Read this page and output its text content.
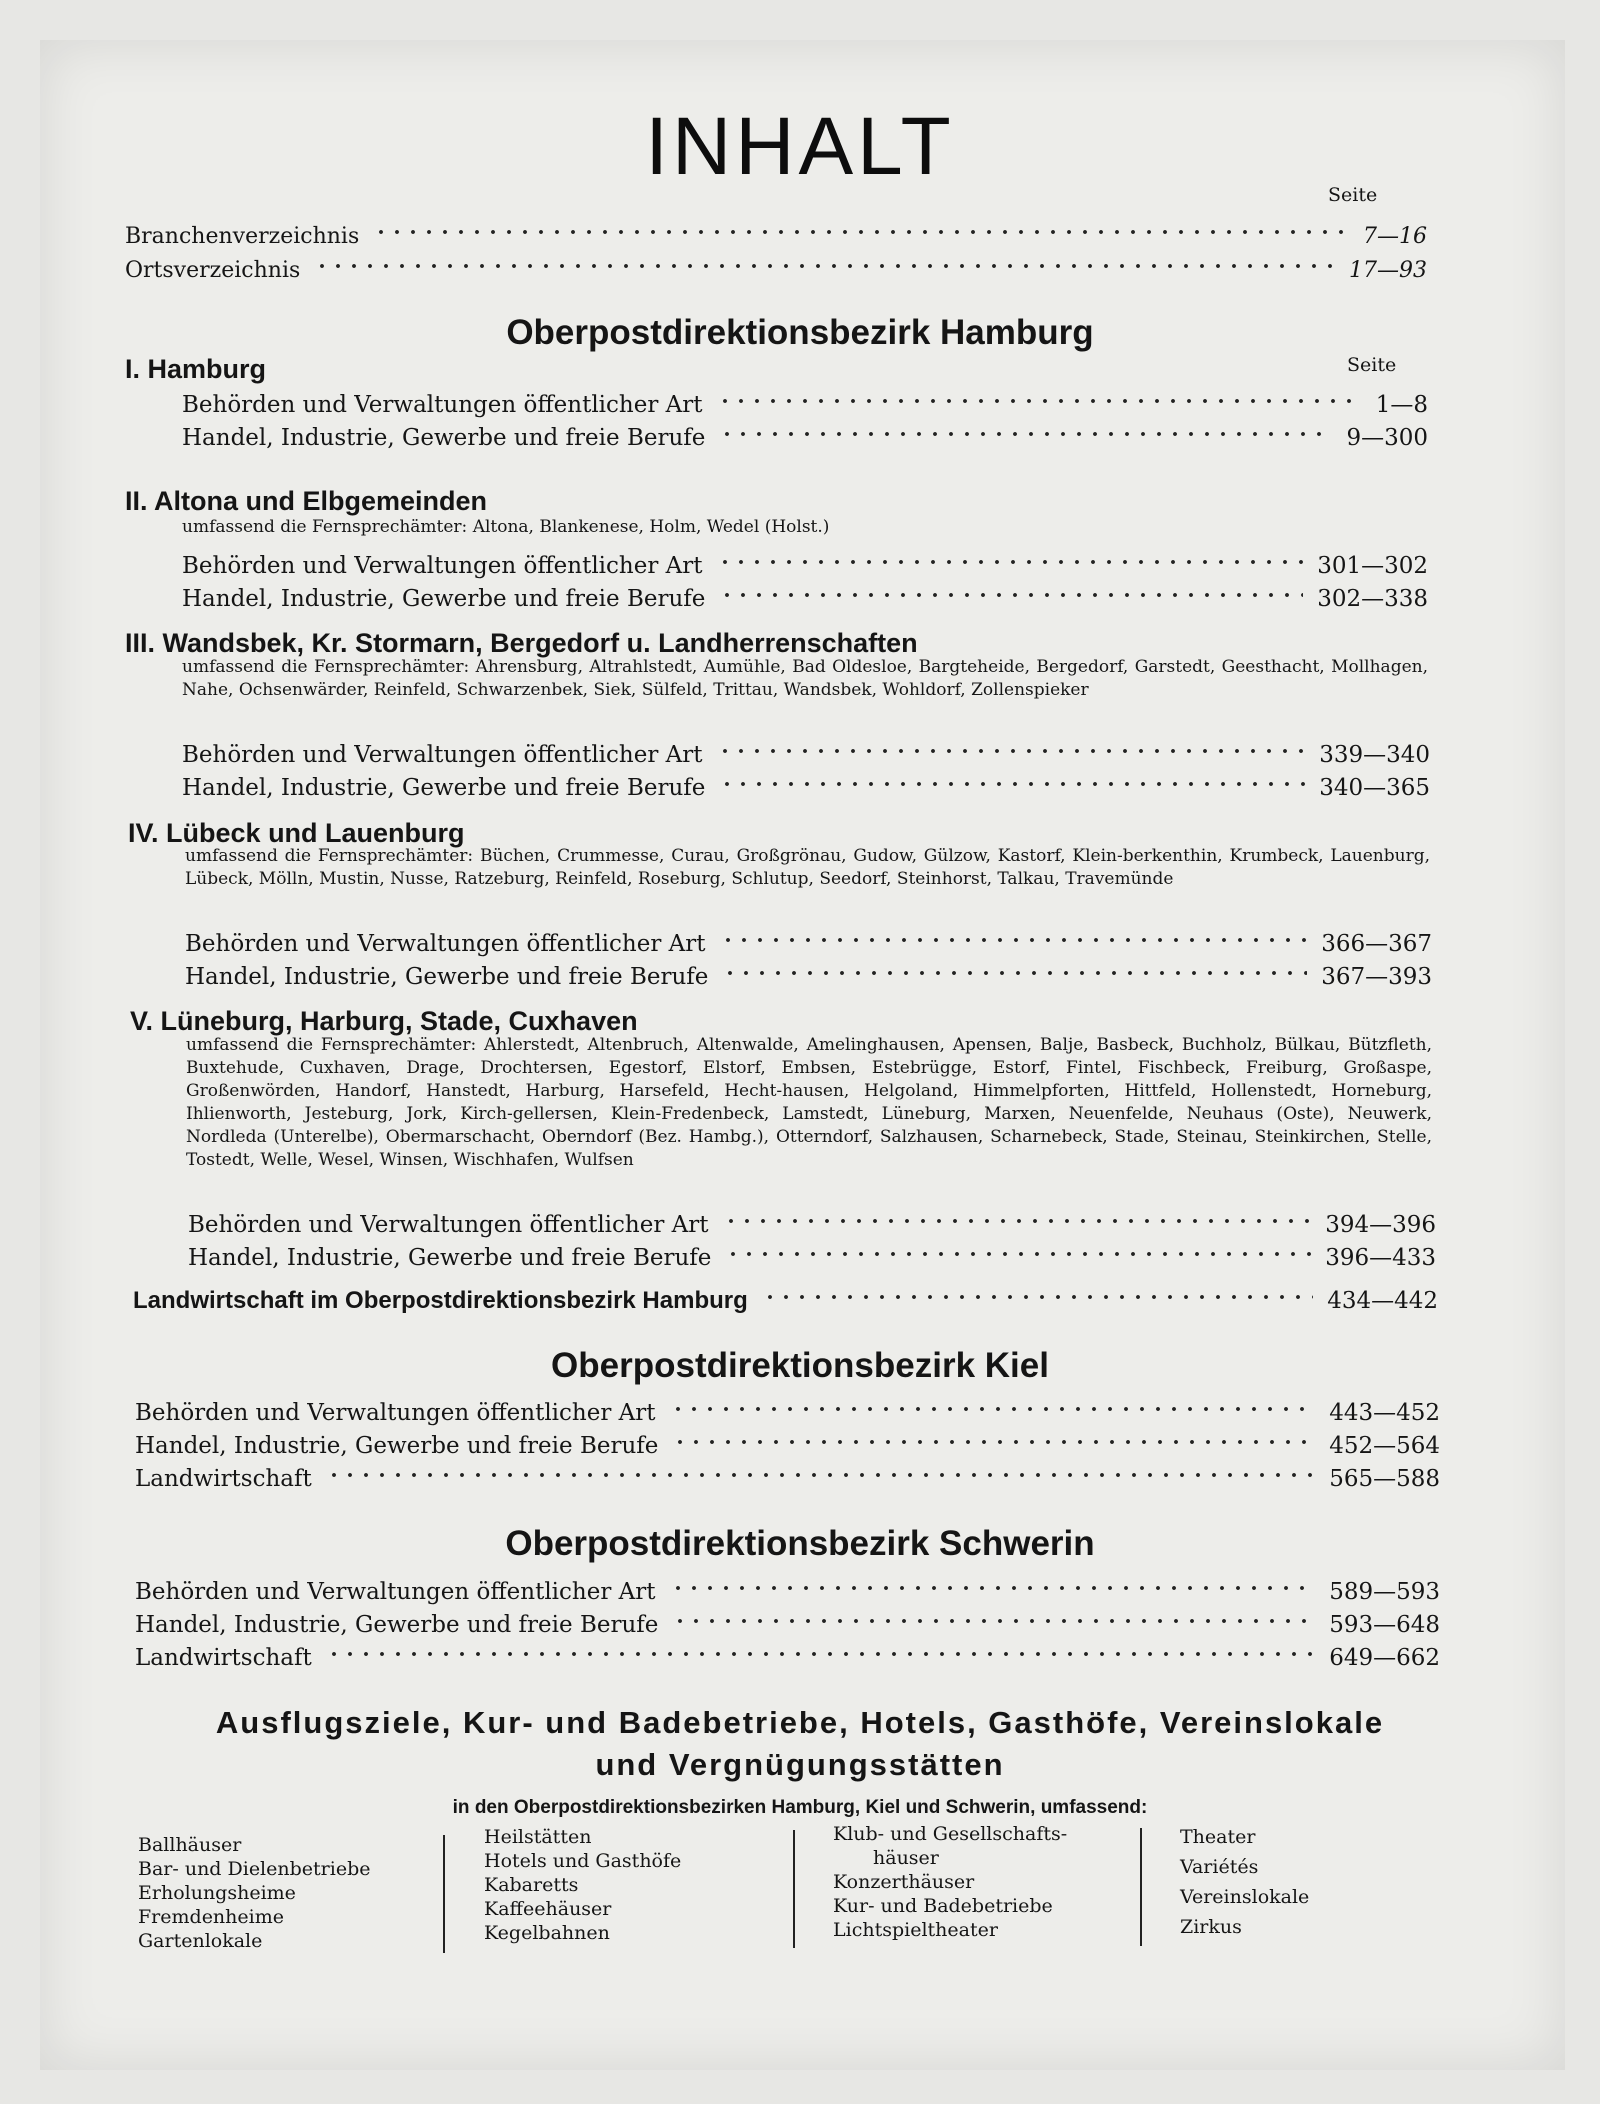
INHALT
Seite
Branchenverzeichnis	7—16
Ortsverzeichnis	17—93
Oberpostdirektionsbezirk Hamburg
Seite
I. Hamburg
Behörden und Verwaltungen öffentlicher Art	1—8
Handel, Industrie, Gewerbe und freie Berufe	9—300
II. Altona und Elbgemeinden
umfassend die Fernsprechämter: Altona, Blankenese, Holm, Wedel (Holst.)
Behörden und Verwaltungen öffentlicher Art	301—302
Handel, Industrie, Gewerbe und freie Berufe	302—338
III. Wandsbek, Kr. Stormarn, Bergedorf u. Landherrenschaften
umfassend die Fernsprechämter: Ahrensburg, Altrahlstedt, Aumühle, Bad Oldesloe, Bargteheide, Bergedorf, Garstedt, Geesthacht, Mollhagen, Nahe, Ochsenwärder, Reinfeld, Schwarzenbek, Siek, Sülfeld, Trittau, Wandsbek, Wohldorf, Zollenspieker
Behörden und Verwaltungen öffentlicher Art	339—340
Handel, Industrie, Gewerbe und freie Berufe	340—365
IV. Lübeck und Lauenburg
umfassend die Fernsprechämter: Büchen, Crummesse, Curau, Großgrönau, Gudow, Gülzow, Kastorf, Klein-berkenthin, Krumbeck, Lauenburg, Lübeck, Mölln, Mustin, Nusse, Ratzeburg, Reinfeld, Roseburg, Schlutup, Seedorf, Steinhorst, Talkau, Travemünde
Behörden und Verwaltungen öffentlicher Art	366—367
Handel, Industrie, Gewerbe und freie Berufe	367—393
V. Lüneburg, Harburg, Stade, Cuxhaven
umfassend die Fernsprechämter: Ahlerstedt, Altenbruch, Altenwalde, Amelinghausen, Apensen, Balje, Basbeck, Buchholz, Bülkau, Bützfleth, Buxtehude, Cuxhaven, Drage, Drochtersen, Egestorf, Elstorf, Embsen, Estebrügge, Estorf, Fintel, Fischbeck, Freiburg, Großaspe, Großenwörden, Handorf, Hanstedt, Harburg, Harsefeld, Hecht-hausen, Helgoland, Himmelpforten, Hittfeld, Hollenstedt, Horneburg, Ihlienworth, Jesteburg, Jork, Kirch-gellersen, Klein-Fredenbeck, Lamstedt, Lüneburg, Marxen, Neuenfelde, Neuhaus (Oste), Neuwerk, Nordleda (Unterelbe), Obermarschacht, Oberndorf (Bez. Hambg.), Otterndorf, Salzhausen, Scharnebeck, Stade, Steinau, Steinkirchen, Stelle, Tostedt, Welle, Wesel, Winsen, Wischhafen, Wulfsen
Behörden und Verwaltungen öffentlicher Art	394—396
Handel, Industrie, Gewerbe und freie Berufe	396—433
Landwirtschaft im Oberpostdirektionsbezirk Hamburg	434—442
Oberpostdirektionsbezirk Kiel
Behörden und Verwaltungen öffentlicher Art	443—452
Handel, Industrie, Gewerbe und freie Berufe	452—564
Landwirtschaft	565—588
Oberpostdirektionsbezirk Schwerin
Behörden und Verwaltungen öffentlicher Art	589—593
Handel, Industrie, Gewerbe und freie Berufe	593—648
Landwirtschaft	649—662
Ausflugsziele, Kur- und Badebetriebe, Hotels, Gasthöfe, Vereinslokale
und Vergnügungsstätten
in den Oberpostdirektionsbezirken Hamburg, Kiel und Schwerin, umfassend:
Ballhäuser
Bar- und Dielenbetriebe
Erholungsheime
Fremdenheime
Gartenlokale
Heilstätten
Hotels und Gasthöfe
Kabaretts
Kaffeehäuser
Kegelbahnen
Klub- und Gesellschafts-
häuser
Konzerthäuser
Kur- und Badebetriebe
Lichtspieltheater
Theater
Variétés
Vereinslokale
Zirkus
